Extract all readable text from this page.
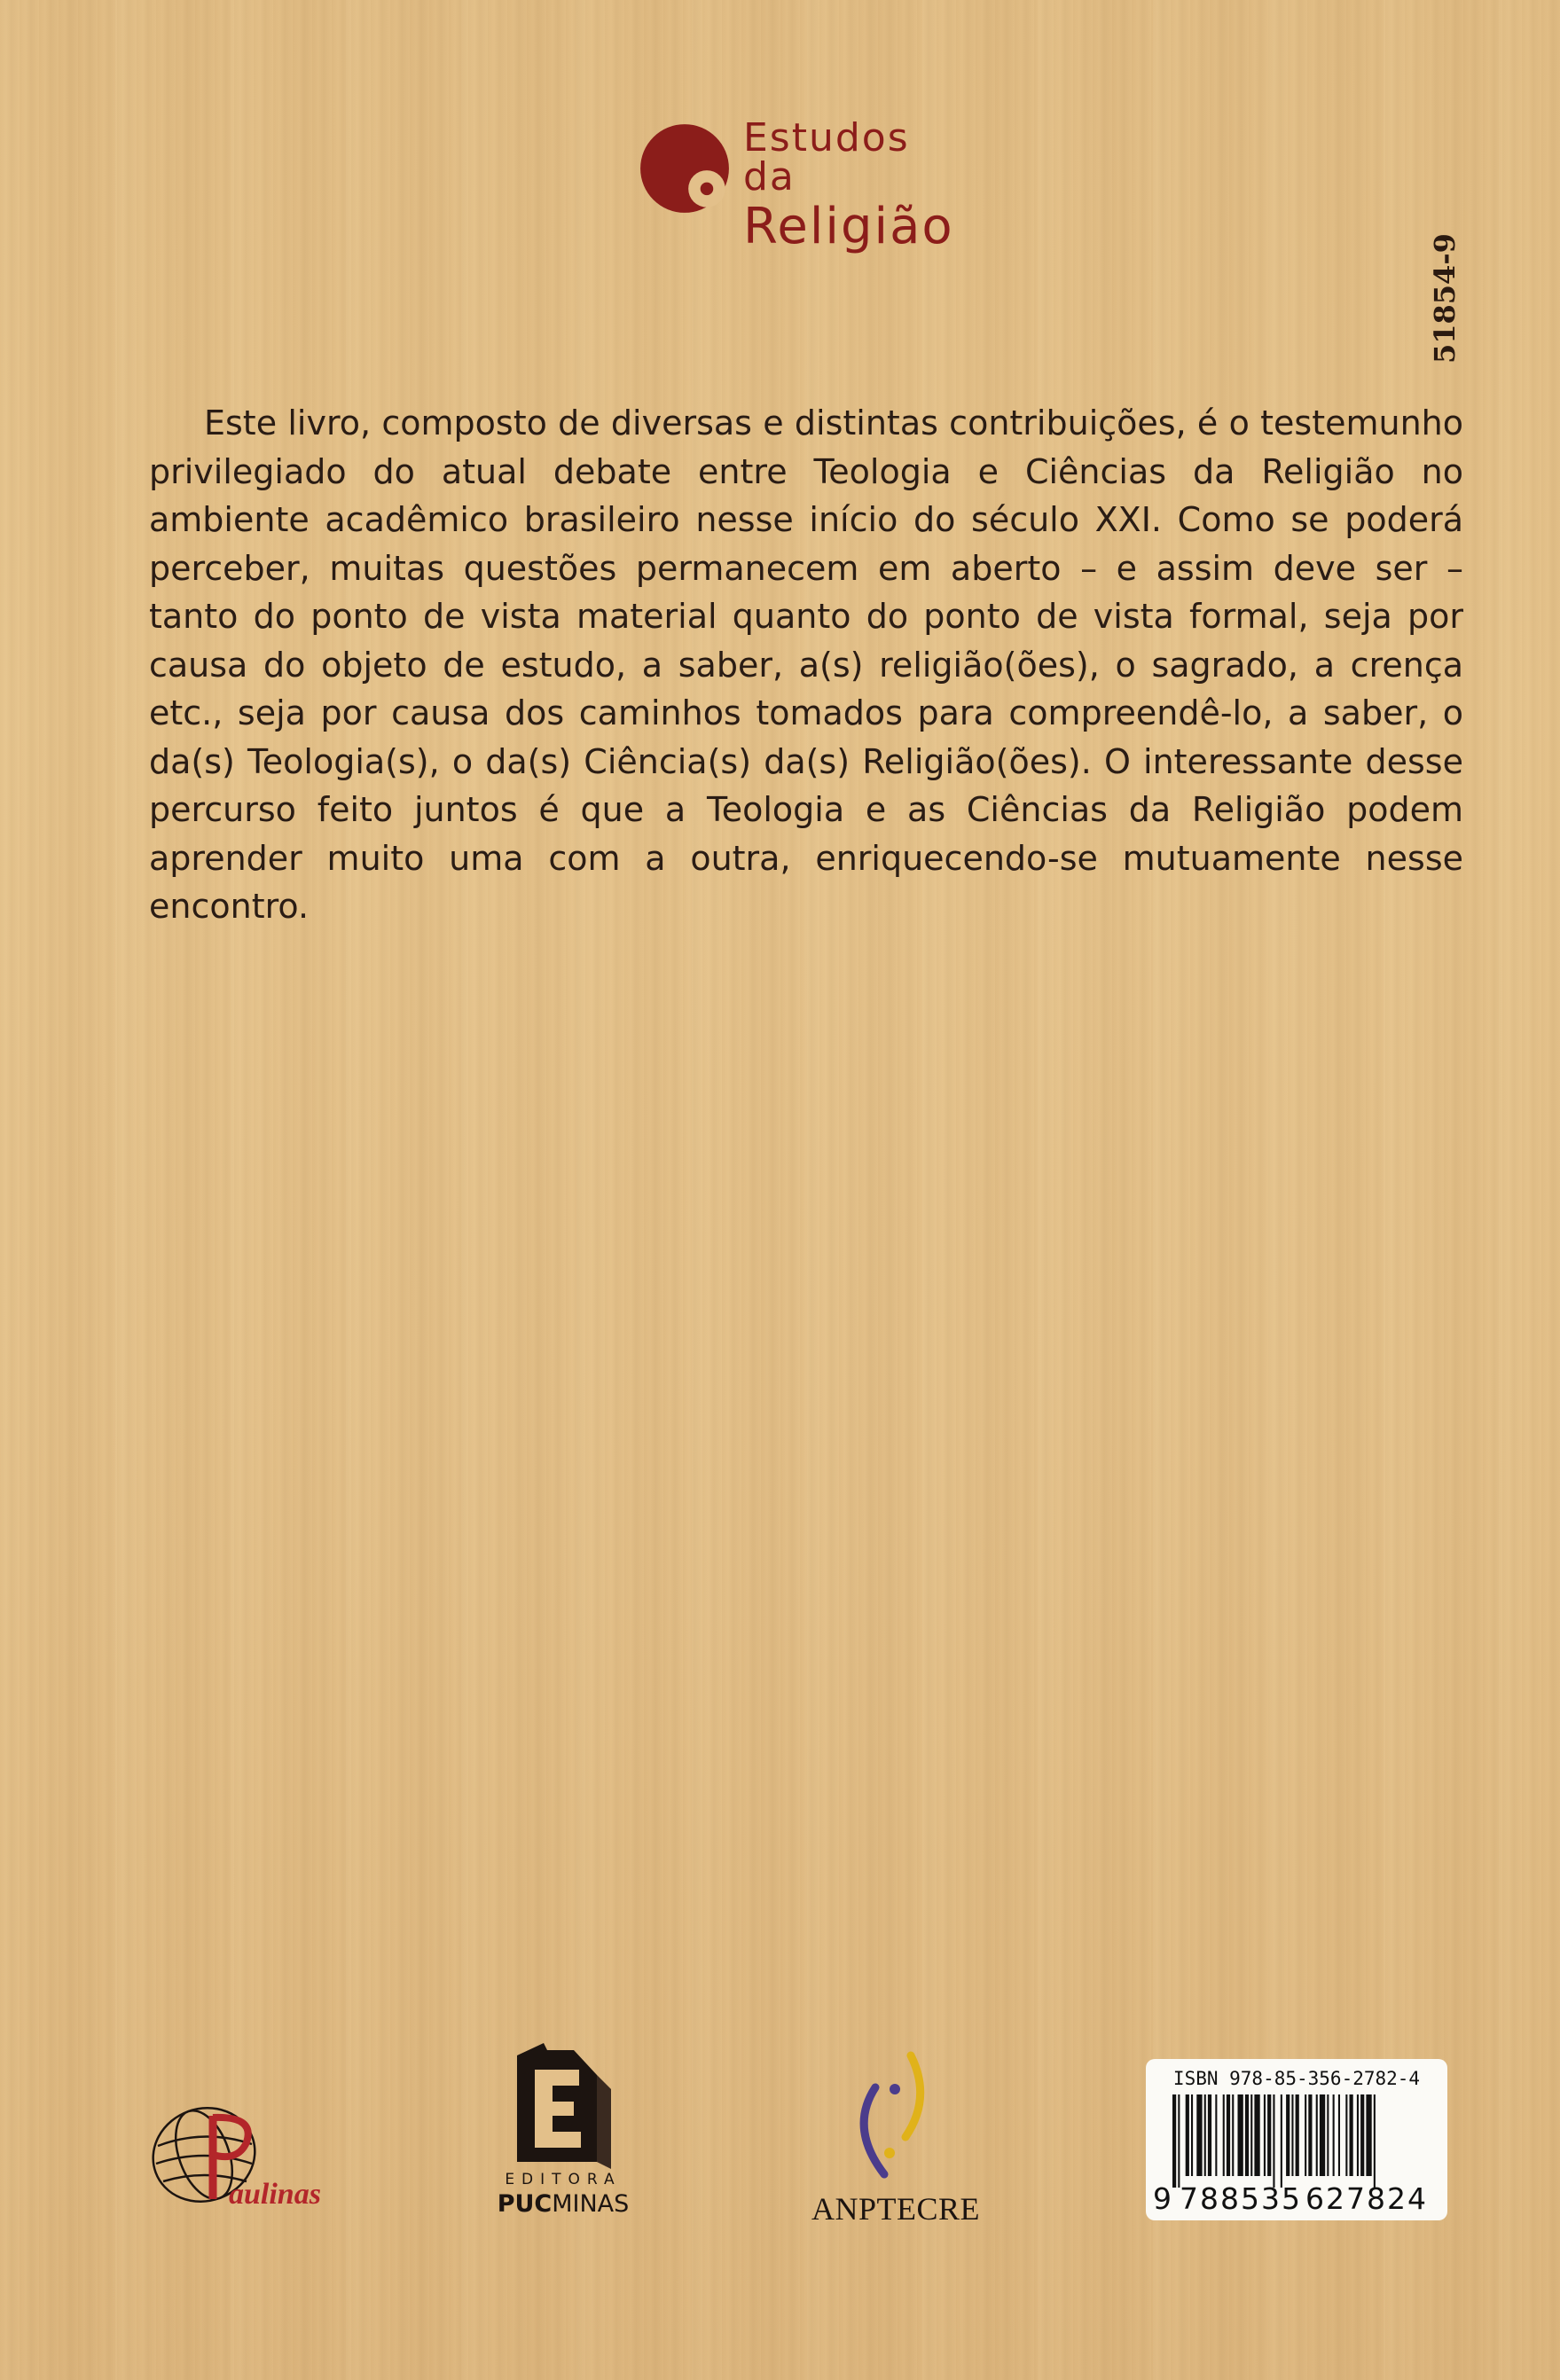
Estudos da
Religião
51854-9

Este livro, composto de diversas e distintas contribuições, é o testemunho privilegiado do atual debate entre Teologia e Ciências da Religião no ambiente acadêmico brasileiro nesse início do século XXI. Como se poderá perceber, muitas questões permanecem em aberto – e assim deve ser – tanto do ponto de vista material quanto do ponto de vista formal, seja por causa do objeto de estudo, a saber, a(s) religião(ões), o sagrado, a crença etc., seja por causa dos caminhos tomados para compreendê-lo, a saber, o da(s) Teologia(s), o da(s) Ciência(s) da(s) Religião(ões). O interessante desse percurso feito juntos é que a Teologia e as Ciências da Religião podem aprender muito uma com a outra, enriquecendo-se mutuamente nesse encontro.

aulinas	EDITORA
PUCMINAS	ANPTECRE
ISBN 978-85-356-2782-4
9 788535 627824
